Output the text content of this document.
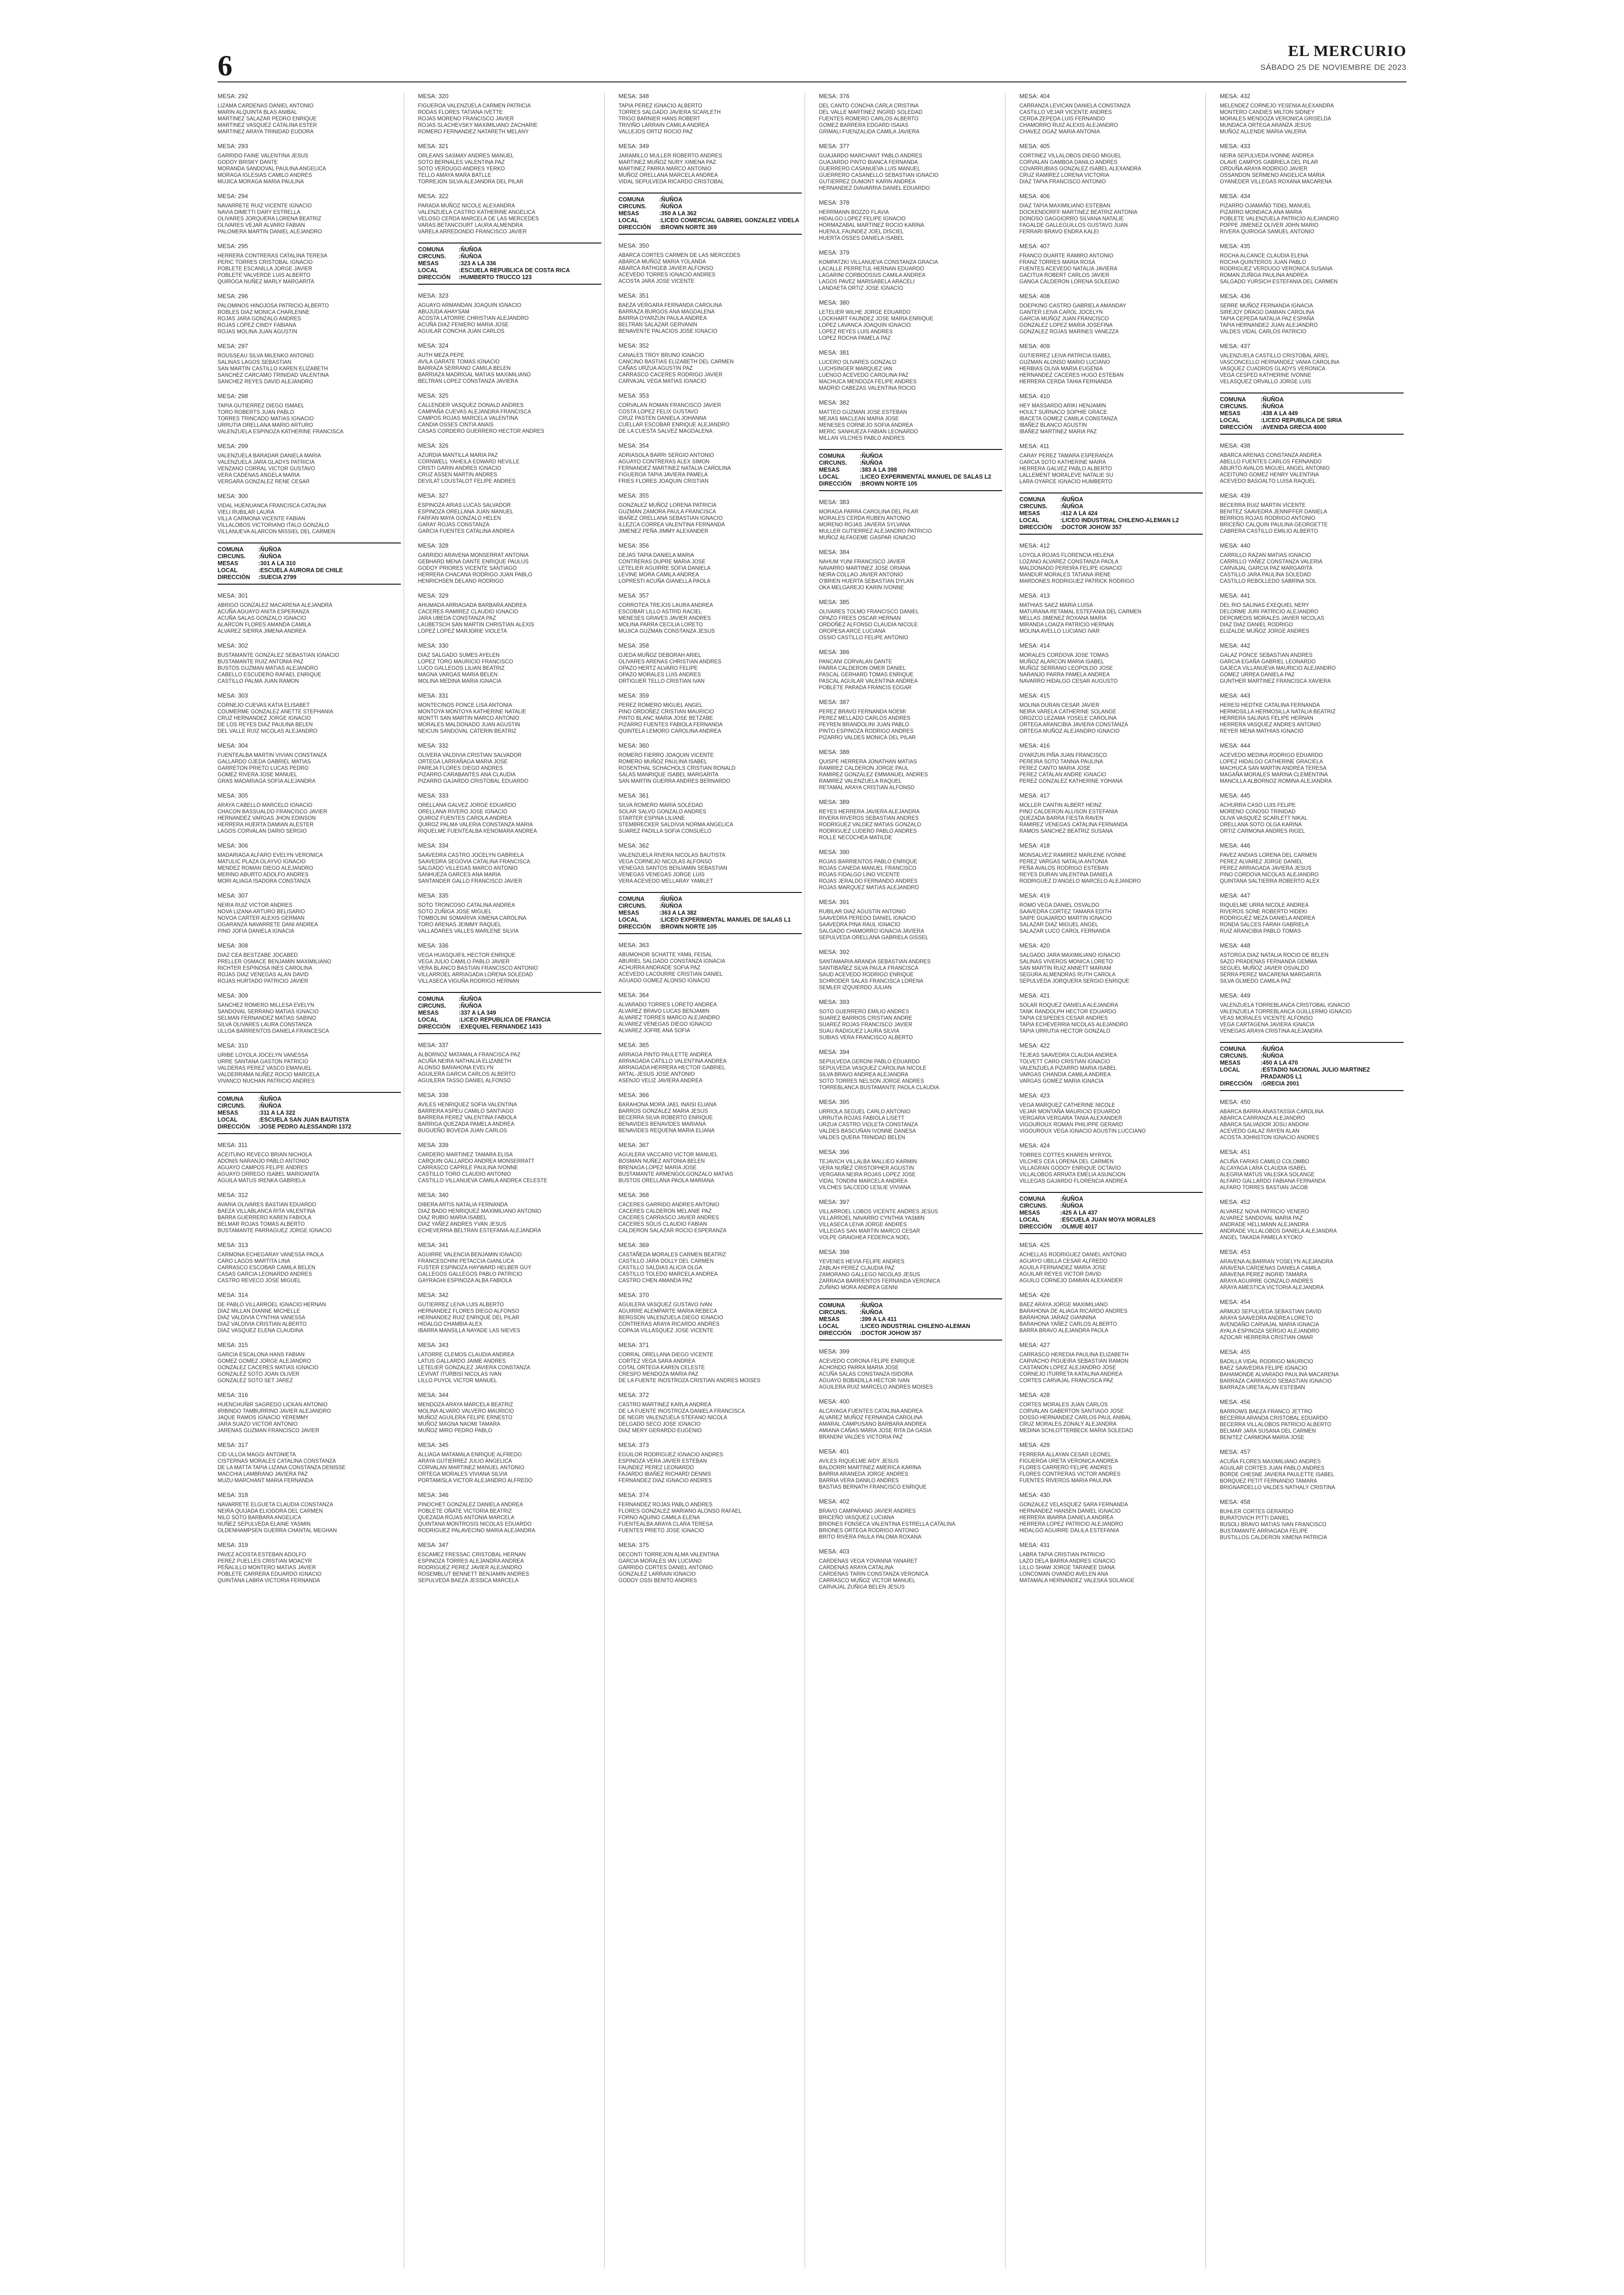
6	EL MERCURIO
SÁBADO 25 DE NOVIEMBRE DE 2023
MESA: 292
LIZAMA CARDENAS DANIEL ANTONIO
MARIN ALQUINTA BLAS ANIBAL
MARTINEZ SALAZAR PEDRO ENRIQUE
MARTINEZ VASQUEZ CATALINA ESTER
MARTINEZ ARAYA TRINIDAD EUDORA
MESA: 293
GARRIDO FAINE VALENTINA JESUS
GODOY BRISKY DANTE
MORANDA SANDOVAL PAULINA ANGELICA
MORAGA IGLESIAS CAMILO ANDRES
MUJICA MORAGA MARIA PAULINA
MESA: 294
NAVARRETE RUIZ VICENTE IGNACIO
NAVIA DIMETTI DARY ESTRELLA
OLIVARES JORQUERA LORENA BEATRIZ
OLIVARES VEJAR ALVARO FABIAN
PALOMERA MARTIN DANIEL ALEJANDRO
MESA: 295
HERRERA CONTRERAS CATALINA TERESA
PERIC TORRES CRISTOBAL IGNACIO
POBLETE ESCANILLA JORGE JAVIER
POBLETE VALVERDE LUIS ALBERTO
QUIROGA NUÑEZ MARLY MARGARITA
MESA: 296
PALOMINOS HINOJOSA PATRICIO ALBERTO
ROBLES DIAZ MONICA CHARLENNE
ROJAS JARA GONZALO ANDRES
ROJAS LOPEZ CINDY FABIANA
ROJAS MOLINA JUAN AGUSTIN
MESA: 297
ROUSSEAU SILVA MILENKO ANTONIO
SALINAS LAGOS SEBASTIAN
SAN MARTIN CASTILLO KAREN ELIZABETH
SANCHEZ CARCAMO TRINIDAD VALENTINA
SANCHEZ REYES DAVID ALEJANDRO
MESA: 298
TAPIA GUTIERREZ DIEGO ISMAEL
TORO ROBERTS JUAN PABLO
TORRES TRINCADO MATIAS IGNACIO
URRUTIA ORELLANA MARIO ARTURO
VALENZUELA ESPINOZA KATHERINE FRANCISCA
MESA: 299
VALENZUELA BARADAR DANIELA MARIA
VALENZUELA JARA GLADYS PATRICIA
VENZANO CORRAL VICTOR GUSTAVO
VERA CADENAS ANGELA MARIA
VERGARA GONZALEZ RENE CESAR
MESA: 300
VIDAL HUENUANCA FRANCISCA CATALINA
VIELI RUBILAR LAURA
VILLA CARMONA VICENTE FABIAN
VILLALOBOS VICTORIANO ITALO GONZALO
VILLANUEVA ALARCON MISSIEL DEL CARMEN
COMUNA	:ÑUÑOA
CIRCUNS.	:ÑUÑOA
MESAS	:301 A LA 310
LOCAL	:ESCUELA AURORA DE CHILE
DIRECCIÓN	:SUECIA 2799
MESA: 301
ABRIGO GONZALEZ MACARENA ALEJANDRA
ACUÑA AGUAYO ANITA ESPERANZA
ACUÑA SALAS GONZALO IGNACIO
ALARCON FLORES AMANDA CAMILA
ALVAREZ SIERRA JIMENA ANDREA
MESA: 302
BUSTAMANTE GONZALEZ SEBASTIAN IGNACIO
BUSTAMANTE RUIZ ANTONIA PAZ
BUSTOS GUZMAN MATIAS ALEJANDRO
CABELLO ESCUDERO RAFAEL ENRIQUE
CASTILLO PALMA JUAN RAMON
MESA: 303
CORNEJO CUEVAS KATIA ELISABET
COUMERME GONZALEZ ANETTE STEPHANIA
CRUZ HERNANDEZ JORGE IGNACIO
DE LOS REYES DIAZ PAULINA BELEN
DEL VALLE RUIZ NICOLAS ALEJANDRO
MESA: 304
FUENTEALBA MARTIN VIVIAN CONSTANZA
GALLARDO OJEDA GABRIEL MATIAS
GARRETON PRIETO LUCAS PEDRO
GOMEZ RIVERA JOSE MANUEL
GRAS MADARIAGA SOFIA ALEJANDRA
MESA: 305
ARAYA CABELLO MARCELO IGNACIO
CHACON BASSUALDO FRANCISCO JAVIER
HERNANDEZ VARGAS JHON EDINSON
HERRERA HUERTA DAMIAN ALESTER
LAGOS CORVALAN DARIO SERGIO
MESA: 306
MADARIAGA ALFARO EVELYN VERONICA
MATULIC PLAZA OLAYVO IGNACIO
MENDEZ ROMAN DIEGO ALEJANDRO
MERINO ABURTO ADOLFO ANDRES
MORI ALIAGA ISADORA CONSTANZA
MESA: 307
NEIRA RUIZ VICTOR ANDRES
NOVA LIZANA ARTURO BELISARIO
NOVOA CARTER ALEXIS GERMAN
OGARANZA NAVARRETE DANI ANDREA
PINO JOFIA DANIELA IGNACIA
MESA: 308
DIAZ CEA BESTZABE JOCABED
PRELLER OSMACE BENJAMIN MAXIMILIANO
RICHTER ESPINOSA INES CAROLINA
ROJAS DIAZ VENEGAS ALAN DAVID
ROJAS HURTADO PATRICIO JAVIER
MESA: 309
SANCHEZ ROMERO MILLESA EVELYN
SANDOVAL SERRANO MATIAS IGNACIO
SELMAN FERNANDEZ MATIAS SABINO
SILVA OLIVARES LAURA CONSTANZA
ULLOA BARRIENTOS DANIELA FRANCESCA
MESA: 310
URIBE LOYOLA JOCELYN VANESSA
URRE SANTANA GASTON PATRICIO
VALDERAS PEREZ VASCO EMANUEL
VALDERRAMA NUÑEZ ROCIO MARCELA
VIVANCO NUCHAN PATRICIO ANDRES
COMUNA	:ÑUÑOA
CIRCUNS.	:ÑUÑOA
MESAS	:311 A LA 322
LOCAL	:ESCUELA SAN JUAN BAUTISTA
DIRECCIÓN	:JOSE PEDRO ALESSANDRI 1372
MESA: 311
ACEITUNO REVECO BRIAN NICHOLA
ADONIS NARANJO PABLO ANTONIO
AGUAYO CAMPOS FELIPE ANDRES
AGUAYO ORREGO ISABEL MARIOANITA
AGUILA MATUS IRENKA GABRIELA
MESA: 312
AVARIA OLIVARES BASTIAN EDUARDO
BAEZA VILLABLANCA RITA VALENTINA
BARRA GUERRERO KAREN FABIOLA
BELMAR ROJAS TOMAS ALBERTO
BUSTAMANTE PARRAGUEZ JORGE IGNACIO
MESA: 313
CARMONA ECHEGARAY VANESSA PAOLA
CARO LAGOS MARTITA LINA
CARRASCO ESCOBAR CAMILA BELEN
CASAS GARCIA LEONARDO ANDRES
CASTRO REVECO JOSE MIGUEL
MESA: 314
DE PABLO VILLARROEL IGNACIO HERNAN
DIAZ MILLAN DIANNE MICHELLE
DIAZ VALDIVIA CYNTHIA VANESSA
DIAZ VALDIVIA CRISTIAN ALBERTO
DIAZ VASQUEZ ELENA CLAUDINA
MESA: 315
GARCIA ESCALONA HANS FABIAN
GOMEZ GOMEZ JORGE ALEJANDRO
GONZALEZ CACERES MATIAS IGNACIO
GONZALEZ SOTO JOAN OLIVER
GONZALEZ SOTO SET JAREZ
MESA: 316
HUENCHUÑIR SAGREDO LICKAN ANTONIO
IRIBINDO TAMBURRINO JAVIER ALEJANDRO
JAQUE RAMOS IGNACIO YEREMMY
JARA SUAZO VICTOR ANTONIO
JARENAS GUZMAN FRANCISCO JAVIER
MESA: 317
CID ULLOA MAGGI ANTONIETA
CISTERNAS MORALES CATALINA CONSTANZA
DE LA MATTA TAPIA LIZANA CONSTANZA DENISSE
MACCHIA LAMBRANO JAVIERA PAZ
MUZU MARCHANT MARIA FERNANDA
MESA: 318
NAVARRETE ELGUETA CLAUDIA CONSTANZA
NEIRA QUIJADA ELIODORA DEL CARMEN
NILO SOTO BARBARA ANGELICA
NUÑEZ SEPULVEDA ELAINE YASMIN
OLDENHAMPSEN GUERRA CHANTAL MEGHAN
MESA: 319
PAVEZ ACOSTA ESTEBAN ADOLFO
PEREZ PUELLES CRISTIAN MOACYR
PEÑALILLO MONTERO MATIAS JAVIER
POBLETE CARRERA EDUARDO IGNACIO
QUINTANA LABRA VICTORIA FERNANDA
MESA: 320
FIGUEROA VALENZUELA CARMEN PATRICIA
RODAS FLORES TATIANA IVETTE
ROJAS MORENO FRANCISCO JAVIER
ROJAS SLACHEVSKY MAXIMILIANO ZACHARIE
ROMERO FERNANDEZ NATARETH MELANY
MESA: 321
ORLEANS SASMAY ANDRES MANUEL
SOTO BERNALES VALENTINA PAZ
SOTO VERDUGO ANDRES YERKO
TELLO AMAYA MARA BATLLE
TORREJON SILVA ALEJANDRA DEL PILAR
MESA: 322
PARADA MUÑOZ NICOLE ALEXANDRA
VALENZUELA CASTRO KATHERINE ANGELICA
VELOSO CERDA MARCELA DE LAS MERCEDES
VARAS BETANCOURT LAURA ALMENDRA
VARELA ARREDONDO FRANCISCO JAVIER
COMUNA	:ÑUÑOA
CIRCUNS.	:ÑUÑOA
MESAS	:323 A LA 336
LOCAL	:ESCUELA REPUBLICA DE COSTA RICA
DIRECCIÓN	:HUMBERTO TRUCCO 123
MESA: 323
AGUAYO ARMANDAN JOAQUIN IGNACIO
ABUJUDA AHAYSAM
ACOSTA LATORRE CHRISTIAN ALEJANDRO
ACUÑA DIAZ FENIERO MARIA JOSE
AGUILAR CONCHA JUAN CARLOS
MESA: 324
AUTH MEZA PEPE
AVILA GARATE TOMAS IGNACIO
BARRAZA SERRANO CAMILA BELEN
BARRIAZA MADRIGAL MATIAS MAXIMILIANO
BELTRAN LOPEZ CONSTANZA JAVIERA
MESA: 325
CALLENDER VASQUEZ DONALD ANDRES
CAMPAÑA CUEVAS ALEJANDRA FRANCISCA
CAMPOS ROJAS MARCELA VALENTINA
CANDIA OSSES CINTIA ANAIS
CASAS CORDERO GUERRERO HECTOR ANDRES
MESA: 326
AZURDIA MANTILLA MARIA PAZ
CORNWELL YAHEILA EDWARD NEVILLE
CRISTI GARIN ANDRES IGNACIO
CRUZ ASSEN MARTIN ANDRES
DEVILAT LOUSTALOT FELIPE ANDRES
MESA: 327
ESPINOZA ARIAS LUCAS SALVADOR
ESPINOZA ORELLANA JUAN MANUEL
FARFAN MAYA GONZALO HELEN
GARAY ROJAS CONSTANZA
GARCIA FUENTES CATALINA ANDREA
MESA: 328
GARRIDO ARAVENA MONSERRAT ANTONIA
GEBHARD MENA DANTE ENRIQUE PAULUS
GODOY PRIORES VICENTE SANTIAGO
HERRERA CHACANA RODRIGO JUAN PABLO
HENRICHSEN DELANO RODRIGO
MESA: 329
AHUMADA ARRIAGADA BARBARA ANDREA
CACERES RAMIREZ CLAUDIO IGNACIO
JARA UBEDA CONSTANZA PAZ
LAUBETSCH SAN MARTIN CHRISTIAN ALEXIS
LOPEZ LOPEZ MARJORIE VIOLETA
MESA: 330
DIAZ SALGADO SUMES AYELEN
LOPEZ TORO MAURICIO FRANCISCO
LUCO GALLEGOS LILIAN BEATRIZ
MAGNA VARGAS MARIA BELEN
MOLINA MEDINA MARIA IGNACIA
MESA: 331
MONTECINOS PONCE LISA ANTONIA
MONTOYA MONTOYA KATHERINE NATALIE
MONTTI SAN MARTIN MARCO ANTONIO
MORALES MALDONADO JUAN AGUSTIN
NEICUN SANDOVAL CATERIN BEATRIZ
MESA: 332
OLIVERA VALDIVIA CRISTIAN SALVADOR
ORTEGA LARRAÑAGA MARIA JOSE
PAREJA FLORES DIEGO ANDRES
PIZARRO CARABANTES ANA CLAUDIA
PIZARRO GAJARDO CRISTOBAL EDUARDO
MESA: 333
ORELLANA GALVEZ JORGE EDUARDO
ORELLANA RIVERO JOSE IGNACIO
QUIROZ FUENTES CAROLA ANDREA
QUIROZ PALMA VALERIA CONSTANZA MARIA
RIQUELME FUENTEALBA KENOMARA ANDREA
MESA: 334
SAAVEDRA CASTRO JOCELYN GABRIELA
SAAVEDRA SEGOVIA CATALINA FRANCISCA
SALGADO VILLEGAS MARCO ANTONIO
SANHUEZA GARCES ANA MARIA
SANTANDER GALLO FRANCISCO JAVIER
MESA: 335
SOTO TRONCOSO CATALINA ANDREA
SOTO ZUÑIGA JOSE MIGUEL
TOMBOLINI SOMARIVA XIMENA CAROLINA
TORO ARENAS JEIMMY RAQUEL
VALLADARES VALLES MARLENE SILVIA
MESA: 336
VEGA HUASQUIFIL HECTOR ENRIQUE
VEGA JULIO CAMILO PABLO JAVIER
VERA BLANCO BASTIAN FRANCISCO ANTONIO
VILLARROEL ARRIAGADA LORENA SOLEDAD
VILLASECA VIGUÑA RODRIGO HERNAN
COMUNA	:ÑUÑOA
CIRCUNS.	:ÑUÑOA
MESAS	:337 A LA 349
LOCAL	:LICEO REPUBLICA DE FRANCIA
DIRECCIÓN	:EXEQUIEL FERNANDEZ 1433
MESA: 337
ALBORNOZ MATAMALA FRANCISCA PAZ
ACUÑA NEIRA NATHALIA ELIZABETH
ALONSO BARAHONA EVELYN
AGUILERA GARCIA CARLOS ALBERTO
AGUILERA TASSO DANIEL ALFONSO
MESA: 338
AVILES HENRIQUEZ SOFIA VALENTINA
BARRERA ASPEU CAMILO SANTIAGO
BARRERA PEREZ VALENTINA FABIOLA
BARRIGA QUEZADA PAMELA ANDREA
BUGUEÑO BOVEDA JUAN CARLOS
MESA: 339
CARDERO MARTINEZ TAMARA ELISA
CARQUIN GALLARDO ANDREA MONSERRATT
CARRASCO CAPRILE PAULINA IVONNE
CASTILLO TORO CLAUDIO ANTONIO
CASTILLO VILLANUEVA CAMILA ANDREA CELESTE
MESA: 340
DIBERA ARTIS NATALIA FERNANDA
DIAZ BADO HENRIQUEZ MAXIMILIANO ANTONIO
DIAZ RUBIO MARIA ISABEL
DIAZ YAÑEZ ANDRES YVAN JESUS
ECHEVERRIA BELTRAN ESTEFANIA ALEJANDRA
MESA: 341
AGUIRRE VALENCIA BENJAMIN IGNACIO
FRANCESCHINI PETACCIA GIANLUCA
FUSTER ESPINOZA HAYWARD HELBER GUY
GALLEGOS GALLEGOS PABLO PATRICIO
GAYRAGHI ESPINOZA ALBA FABIOLA
MESA: 342
GUTIERREZ LEIVA LUIS ALBERTO
HERNANDEZ FLORES DIEGO ALFONSO
HERNANDEZ RUIZ ENRIQUE DEL PILAR
HIDALGO CHAMBIA ALEX
IBARRA MANSILLA NAYADE LAS NIEVES
MESA: 343
LATORRE CLEMOS CLAUDIA ANDREA
LATUS GALLARDO JAIME ANDRES
LETELIER GONZALEZ JAVIERA CONSTANZA
LEVIVAT ITURBISI NICOLAS IVAN
LILLO PUYOL VICTOR MANUEL
MESA: 344
MENDOZA ARAYA MARCELA BEATRIZ
MOLINA ALVARO VALVERO MAURICIO
MUÑOZ AGUILERA FELIPE ERNESTO
MUÑOZ MAGNA NAOMI TAMARA
MUÑOZ MIRO PEDRO PABLO
MESA: 345
ALLIAGA MATAMALA ENRIQUE ALFREDO
ARAYA GUTIERREZ JULIO ANGELICA
CORVALAN MARTINEZ MANUEL ANTONIO
ORTEGA MORALES VIVIANA SILVIA
PORTAMISLA VICTOR ALEJANDRO ALFREDO
MESA: 346
PINOCHET GONZALEZ DANIELA ANDREA
POBLETE OÑATE VICTORIA BEATRIZ
QUEZADA ROJAS ANTONIA MARCELA
QUINTANA MONTROSIS NICOLAS EDUARDO
RODRIGUEZ PALAVECINO MARIA ALEJANDRA
MESA: 347
ESCAMEZ FRESSAC CRISTOBAL HERNAN
ESPINOZA TORRES ALEJANDRA ANDREA
RODRIGUEZ PEREZ JAVIER ALEJANDRO
ROSEMBLUT BENNETT BENJAMIN ANDRES
SEPULVEDA BAEZA JESSICA MARCELA
MESA: 348
TAPIA PEREZ IGNACIO ALBERTO
TORRES SALGADO JAVIERA SCARLETH
TRIGO BARNIER HANS ROBERT
TRIVIÑO LARRAIN CAMILA ANDREA
VALLEJOS ORTIZ ROCIO PAZ
MESA: 349
JARAMILLO MULLER ROBERTO ANDRES
MARTINEZ MUÑOZ NURY XIMENA PAZ
MARTINEZ PARRA MARCO ANTONIO
MUÑOZ ORELLANA MARCELA ANDREA
VIDAL SEPULVEDA RICARDO CRISTOBAL
COMUNA	:ÑUÑOA
CIRCUNS.	:ÑUÑOA
MESAS	:350 A LA 362
LOCAL	:LICEO COMERCIAL GABRIEL GONZALEZ VIDELA
DIRECCIÓN	:BROWN NORTE 369
MESA: 350
ABARCA CORTES CARMEN DE LAS MERCEDES
ABARCA MUÑOZ MARIA YOLANDA
ABARCA RATHGEB JAVIER ALFONSO
ACEVEDO TORRES IGNACIO ANDRES
ACOSTA JARA JOSE VICENTE
MESA: 351
BAEZA VERGARA FERNANDA CAROLINA
BARRAZA BURGOS ANA MAGDALENA
BARRIA OYARZUN PAULA ANDREA
BELTRAN SALAZAR GERVANIN
BENAVENTE PALACIOS JOSE IGNACIO
MESA: 352
CANALES TROY BRUNO IGNACIO
CANCINO BASTIAS ELIZABETH DEL CARMEN
CAÑAS URZUA AGUSTIN PAZ
CARRASCO CACERES RODRIGO JAVIER
CARVAJAL VEGA MATIAS IGNACIO
MESA: 353
CORVALAN ROMAN FRANCISCO JAVIER
COSTA LOPEZ FELIX GUSTAVO
CRUZ PASTEN DANIELA JOHANNA
CUELLAR ESCOBAR ENRIQUE ALEJANDRO
DE LA CUESTA SALVEZ MAGDALENA
MESA: 354
ADRIASOLA BARRI SERGIO ANTONIO
AGUAYO CONTRERAS ALEX SIMON
FERNANDEZ MARTINEZ NATALIA CAROLINA
FIGUEROA TAPIA JAVIERA PAMELA
FRIES FLORES JOAQUIN CRISTIAN
MESA: 355
GONZALEZ MUÑOZ LORENA PATRICIA
GUZMAN ZAMORA PAULA FRANCISCA
IBAÑEZ ORELLANA SEBASTIAN IGNACIO
ILLEZCA CORREA VALENTINA FERNANDA
JIMENEZ PEÑA JIMMY ALEXANDER
MESA: 356
DEJAS TAPIA DANIELA MARIA
CONTRERAS DUPRE MARIA JOSE
LETELIER AGUIRRE SOFIA DANIELA
LEVINE MORA CAMILA ANDREA
LOPRESTI ACUÑA GIANELLA PAOLA
MESA: 357
CORROTEA TREJOS LAURA ANDREA
ESCOBAR LILLO ASTRID RACIEL
MENESES GRAVES JAVIER ANDRES
MOLINA PARRA CECILIA LORETO
MUJICA GUZMAN CONSTANZA JESUS
MESA: 358
OJEDA MUÑOZ DEBORAH ARIEL
OLIVARES ARENAS CHRISTIAN ANDRES
OPAZO HERTZ ALVARO FELIPE
OPAZO MORALES LUIS ANDRES
ORTIGUER TELLO CRISTIAN IVAN
MESA: 359
PEREZ ROMERO MIGUEL ANGEL
PINO ORDOÑEZ CRISTIAN MAURICIO
PINTO BLANC MARIA JOSE BETZABE
PIZARRO FUENTES FABIOLA FERNANDA
QUINTELA LEMORO CAROLINA ANDREA
MESA: 360
ROMERO FIERRO JOAQUIN VICENTE
ROMERO MUÑOZ PAULINA ISABEL
ROSENTHAL SCHACHOLS CRISTIAN RONALD
SALAS MANRIQUE ISABEL MARGARITA
SAN MARTIN GUERRA ANDRES BERNARDO
MESA: 361
SILVA ROMERO MARIA SOLEDAD
SOLAR SALVO GONZALO ANDRES
STARTER ESPINA LILIANE
STEMBRECKER SALDIVIA NORMA ANGELICA
SUAREZ PADILLA SOFIA CONSUELO
MESA: 362
VALENZUELA RIVERA NICOLAS BAUTISTA
VEGA CORNEJO NICOLAS ALFONSO
VENEGAS SANTOS BENJAMIN SEBASTIAN
VENEGAS VENEGAS JORGE LUIS
VERA ACEVEDO MELLARAY YAMILET
COMUNA	:ÑUÑOA
CIRCUNS.	:ÑUÑOA
MESAS	:363 A LA 382
LOCAL	:LICEO EXPERIMENTAL MANUEL DE SALAS L1
DIRECCIÓN	:BROWN NORTE 105
MESA: 363
ABUMOHOR SCHATTE YAMIL FEISAL
ABURIEL SALGADO CONSTANZA IGNACIA
ACHURRA ANDRADE SOFIA PAZ
ACEVEDO LACOURRE CRISTIAN DANIEL
AGUADO GOMEZ ALONSO IGNACIO
MESA: 364
ALVARADO TORRES LORETO ANDREA
ALVAREZ BRAVO LUCAS BENJAMIN
ALVAREZ TORRES MARCO ALEJANDRO
ALVAREZ VENEGAS DIEGO IGNACIO
ALVAREZ JOFRE ANA SOFIA
MESA: 365
ARRIAGA PINTO PAULETTE ANDREA
ARRIAGADA CATILLO VALENTINA ANDREA
ARRIAGADA HERRERA HECTOR GABRIEL
ARTAL-JESUS JOSE ANTONIO
ASENJO VELIZ JAVIERA ANDREA
MESA: 366
BARAHONA MORA JAEL INAISI ELIANA
BARROS GONZALEZ MARIA JESUS
BECERRA SILVA ROBERTO ENRIQUE
BENAVIDES BENAVIDES MARIANA
BENAVIDES REQUENA MARIA ELIANA
MESA: 367
AGUILERA VACCARO VICTOR MANUEL
BOSMAN NUÑEZ ANTONIA BELEN
BRENAGA LOPEZ MARIA JOSE
BUSTAMANTE ARMENGOLGONZALO MATIAS
BUSTOS ORELLANA PAOLA MARIANA
MESA: 368
CACERES GARRIDO ANDRES ANTONIO
CACERES CALDERON MELANIE PAZ
CACERES CARRASCO JAVIER ANDRES
CACERES SOLIS CLAUDIO FABIAN
CALDERON SALAZAR ROCIO ESPERANZA
MESA: 369
CASTAÑEDA MORALES CARMEN BEATRIZ
CASTILLO JARA DOLLY DEL CARMEN
CASTILLO SALDIAS ALICIA OLGA
CASTILLO TOLEDO MARCELA ANDREA
CASTRO CHEN AMANDA PAZ
MESA: 370
AGUILERA VASQUEZ GUSTAVO IVAN
AGUIRRE ALEMPARTE MARIA REBECA
BERGSON VALENZUELA DIEGO IGNACIO
CONTRERAS ARAYA RICARDO ANDRES
COPAJA VILLASQUEZ JOSE VICENTE
MESA: 371
CORRAL ORELLANA DIEGO VICENTE
CORTEZ VEGA SARA ANDREA
COTAL ORTEGA KAREN CELESTE
CRESPO MENDOZA MARIA PAZ
DE LA FUENTE INOSTROZA CRISTIAN ANDRES MOISES
MESA: 372
CASTRO MARTINEZ KARLA ANDREA
DE LA FUENTE INOSTROZA DANIELA FRANCISCA
DE NEGRI VALENZUELA STEFANO NICOLA
DELGADO SECO JOSE IGNACIO
DIAZ MERY GERARDO EUGENIO
MESA: 373
EGUILOR RODRIGUEZ IGNACIO ANDRES
ESPINOZA VERA JAVIER ESTEBAN
FAUNDEZ PEREZ LEONARDO
FAJARDO IBAÑEZ RICHARD DENNIS
FERNANDEZ DIAZ IGNACIO ANDRES
MESA: 374
FERNANDEZ ROJAS PABLO ANDRES
FLORES GONZALEZ MARIANO ALONSO RAFAEL
FORNO AQUINO CAMILA ELENA
FUENTEALBA ARAYA CLARA TERESA
FUENTES PRIETO JOSE IGNACIO
MESA: 375
DECONTI TORREJON ALMA VALENTINA
GARCIA MORALES IAN LUCIANO
GARRIDO CORTES DANIEL ANTONIO
GONZALEZ LARRAIN IGNACIO
GODOY OSSI BENITO ANDRES
MESA: 376
DEL CANTO CONCHA CARLA CRISTINA
DEL VALLE MARTINEZ INGRID SOLEDAD
FUENTES ROMERO CARLOS ALBERTO
GOMEZ BARRERA EDGARD ISAIAS
GRIMALI FUENZALIDA CAMILA JAVIERA
MESA: 377
GUAJARDO MARCHANT PABLO ANDRES
GUAJARDO PINTO BIANCA FERNANDA
GUERRERO CASANUEVA LUIS MANUEL
GUERRERO CASANELLO SEBASTIAN IGNACIO
GUTIERREZ DUMONT KARIN ANDREA
HERNANDEZ DIAVARRIA DANIEL EDUARDO
MESA: 378
HERRMANN BOZZO FLAVIA
HIDALGO LOPEZ FELIPE IGNACIO
HORMAZABAL MARTINEZ ROCIO KARINA
HUENUL FAUNDEZ JOEL DISCIEL
HUERTA OSSES DANIELA ISABEL
MESA: 379
KOMPATZKI VILLANUEVA CONSTANZA GRACIA
LACALLE PERRETUL HERNAN EDUARDO
LAGARINI CORBOOSSIS CAMILA ANDREA
LAGOS PAVEZ MARISABELA ARACELI
LANDAETA ORTIZ JOSE IGNACIO
MESA: 380
LETELIER WILHE JORGE EDUARDO
LOCKHART FAUNDEZ JOSE MARIA ENRIQUE
LOPEZ LAVANCA JOAQUIN IGNACIO
LOPEZ REYES LUIS ANDRES
LOPEZ ROCHA PAMELA PAZ
MESA: 381
LUCERO OLIVARES GONZALO
LUCHSINGER MARQUEZ IAN
LUENGO ACEVEDO CAROLINA PAZ
MACHUCA MENDOZA FELIPE ANDRES
MADRID CABEZAS VALENTINA ROCIO
MESA: 382
MATTEO GUZMAN JOSE ESTEBAN
MEJIAS MACLEAN MARIA JOSE
MENESES CORNEJO SOFIA ANDREA
MERIC SANHUEZA FABIAN LEONARDO
MILLAN VILCHES PABLO ANDRES
COMUNA	:ÑUÑOA
CIRCUNS.	:ÑUÑOA
MESAS	:383 A LA 398
LOCAL	:LICEO EXPERIMENTAL MANUEL DE SALAS L2
DIRECCIÓN	:BROWN NORTE 105
MESA: 383
MORAGA PARRA CAROLINA DEL PILAR
MORALES CERDA RUBEN ANTONIO
MORENO ROJAS JAVIERA SYLVANA
MULLER GUTIERREZ ALEJANDRO PATRICIO
MUÑOZ ALFAGEME GASPAR IGNACIO
MESA: 384
NAHUM YUNI FRANCISCO JAVIER
NAVARRO MARTINEZ JOSE ORIANA
NEIRA COLLAO JAVIER ANTONIO
O'BRIEN HUERTA SEBASTIAN DYLAN
OKA MELGAREJO KARIN IVONNE
MESA: 385
OLIVARES TOLMO FRANCISCO DANIEL
OPAZO FREES OSCAR HERNAN
ORDOÑEZ ALFONSO CLAUDIA NICOLE
OROPESA ARCE LUCIANA
OSSIO CASTILLO FELIPE ANTONIO
MESA: 386
PANCANI CORVALAN DANTE
PARRA CALDERON OMER DANIEL
PASCAL GERHARD TOMAS ENRIQUE
PASCAL AGUILAR VALENTINA ANDREA
POBLETE PARADA FRANCIS EDGAR
MESA: 387
PEREZ BRAVO FERNANDA NOEMI
PEREZ MELLADO CARLOS ANDRES
PEYREN BRANDOLINI JUAN PABLO
PINTO ESPINOZA RODRIGO ANDRES
PIZARRO VALDES MONICA DEL PILAR
MESA: 388
QUISPE HERRERA JONATHAN MATIAS
RAMIREZ CALDERON JORGE PAUL
RAMIREZ GONZALEZ EMMANUEL ANDRES
RAMIREZ VALENZUELA RAQUEL
RETAMAL ARAYA CRISTIAN ALFONSO
MESA: 389
REYES HERRERA JAVIERA ALEJANDRA
RIVERA RIVEROS SEBASTIAN ANDRES
RODRIGUEZ VALDEZ MATIAS GONZALO
RODRIGUEZ LUDERO PABLO ANDRES
ROLLE NECOCHEA MATILDE
MESA: 390
ROJAS BARRIENTOS PABLO ENRIQUE
ROJAS CANEDA MANUEL FRANCISCO
ROJAS FIDALGO LINO VICENTE
ROJAS JERALDO FERNANDO ANDRES
ROJAS MARQUEZ MATIAS ALEJANDRO
MESA: 391
RUBILAR DIAZ AGUSTIN ANTONIO
SAAVEDRA PEREDO DANIEL IGNACIO
SAAVEDRA PINA RAUL IGNACIO
SALGADO CHAMORRO IGNACIA JAVIERA
SEPULVEDA ORELLANA GABRIELA GISSEL
MESA: 392
SANTAMARIA ARANDA SEBASTIAN ANDRES
SANTIBAÑEZ SILVA PAULA FRANCISCA
SAUD ACEVEDO RODRIGO ENRIQUE
SCHRODER SALAS FRANCISCA LORENA
SEMLER IZQUIERDO JULIAN
MESA: 393
SOTO GUERRERO EMILIO ANDRES
SUAREZ BARRIOS CRISTIAN ANDRE
SUAREZ ROJAS FRANCISCO JAVIER
SUAU RADIGUEZ LAURA SILVIA
SUBIAS VERA FRANCISCO ALBERTO
MESA: 394
SEPULVEDA GERONI PABLO EDUARDO
SEPULVEDA VASQUEZ CAROLINA NICOLE
SILVA BRAVO ANDREA ALEJANDRA
SOTO TORRES NELSON JORGE ANDRES
TORREBLANCA BUSTAMANTE PAOLA CLAUDIA
MESA: 395
URRIOLA SEGUEL CARLO ANTONIO
URRUTIA ROJAS FABIOLA LISETT
URZUA CASTRO VIOLETA CONSTANZA
VALDES BASCUÑAN IVONNE DANESA
VALDES QUERA TRINIDAD BELEN
MESA: 396
TEJAVICH VILLALBA MALLIEO KARMIN
VERA NUÑEZ CRISTOPHER AGUSTIN
VERGARA NEIRA ROJAS LOPEZ JOSE
VIDAL TONDINI MARCELA ANDREA
VILCHES SALCEDO LESLIE VIVIANA
MESA: 397
VILLARROEL LOBOS VICENTE ANDRES JESUS
VILLARROEL NAVARRO CYNTHIA YASMIN
VILLASECA LEIVA JORGE ANDRES
VILLEGAS SAN MARTIN MARCO CESAR
VOLPE GRAIGHEA FEDERICA NOEL
MESA: 398
YEVENES HEVIA FELIPE ANDRES
ZABLAH PEREZ CLAUDIA PAZ
ZAMORANO GALLEGO NICOLAS JESUS
ZARRAGA BARRIENTOS FERNANDA VERONICA
ZUÑINO MORA ANDREA GENNI
COMUNA	:ÑUÑOA
CIRCUNS.	:ÑUÑOA
MESAS	:399 A LA 411
LOCAL	:LICEO INDUSTRIAL CHILENO-ALEMAN
DIRECCIÓN	:DOCTOR JOHOW 357
MESA: 399
ACEVEDO CORONA FELIPE ENRIQUE
ACHONDO PARRA MARIA JOSE
ACUÑA SALAS CONSTANZA ISIDORA
AGUAYO BOBADILLA HECTOR IVAN
AGUILERA RUIZ MARCELO ANDRES MOISES
MESA: 400
ALCAYAGA FUENTES CATALINA ANDREA
ALVAREZ MUÑOZ FERNANDA CAROLINA
AMARAL CAMPUSANO BARBARA ANDREA
AMIANA CAÑAS MARIA JOSE RITA DA GASIA
BRANDNI VALDES VICTORIA PAZ
MESA: 401
AVILES RIQUELME AIDY JESUS
BALDORRI MARTINEZ AMERICA KARINA
BARRIA ARANEDA JORGE ANDRES
BARRIA VERA DANILO ANDRES
BASTIAS BERNATH FRANCISCO ENRIQUE
MESA: 402
BRAVO CAMPARANO JAVIER ANDRES
BRICEÑO VASQUEZ LUCIANA
BRIONES FONSECA VALENTINA ESTRELLA CATALINA
BRIONES ORTEGA RODRIGO ANTONIO
BRITO RIVERA PAULA PALOMA ROXANA
MESA: 403
CARDENAS VEGA YOVANNA YANARET
CARDENAS ARAYA CATALINA
CARDENAS TARIN CONSTANZA VERONICA
CARRASCO MUÑOZ VICTOR MANUEL
CARVAJAL ZUÑIGA BELEN JESUS
MESA: 404
CARRANZA LEVICAN DANIELA CONSTANZA
CASTILLO VEJAR VICENTE ANDRES
CERDA ZEPEDA LUIS FERNANDO
CHAMORRO RUIZ ALEXIS ALEJANDRO
CHAVEZ OGAZ MARIA ANTONIA
MESA: 405
CORTINEZ VILLALOBOS DIEGO MIGUEL
CORVALAN GAMBOA DANILO ANDRES
COVARRUBIAS GONZALEZ ISABEL ALEXANDRA
CRUZ RAMIREZ LORENA VICTORIA
DIAZ TAPIA FRANCISCO ANTONIO
MESA: 406
DIAZ TAPIA MAXIMILIANO ESTEBAN
DOCKENDORFF MARTINEZ BEATRIZ ANTONIA
DONOSO GAGGIORRO SILVANA NATALIE
FAGALDE GALLEGUILLOS GUSTAVO JUAN
FERRARI BRAVO ENDRA KALEI
MESA: 407
FRANCO DUARTE RAMIRO ANTONIO
FRANZ TORRES MARIA ROSA
FUENTES ACEVEDO NATALIA JAVIERA
GACITUA ROBERT CARLOS JAVIER
GANGA CALDERON LORENA SOLEDAD
MESA: 408
DOEPKING CASTRO GABRIELA AMANDAY
GANTER LEIVA CAROL JOCELYN
GARCIA MUÑOZ JUAN FRANCISCO
GONZALEZ LOPEZ MARIA JOSEFINA
GONZALEZ ROJAS MARINES VANEZZA
MESA: 409
GUTIERREZ LEIVA PATRICIA ISABEL
GUZMAN ALONSO MARIO LUCIANO
HERBIAS OLIVA MARIA EUGENIA
HERNANDEZ CACERES HUGO ESTEBAN
HERRERA CERDA TAHIA FERNANDA
MESA: 410
HEY MASSARDO ARIKI HENJAMIN
HOULT SURNACO SOPHIE GRACE
IBACETA GOMEZ CAMILA CONSTANZA
IBAÑEZ BLANCO AGUSTIN
IBAÑEZ MARTINEZ MARIA PAZ
MESA: 411
CARAY PEREZ TAMARA ESPERANZA
GARCIA SOTO KATHERINE MAIRA
HERRERA GALVEZ PABLO ALBERTO
LALLEMENT MORALEVE NATALIE SU
LARA OYARCE IGNACIO HUMBERTO
COMUNA	:ÑUÑOA
CIRCUNS.	:ÑUÑOA
MESAS	:412 A LA 424
LOCAL	:LICEO INDUSTRIAL CHILENO-ALEMAN L2
DIRECCIÓN	:DOCTOR JOHOW 357
MESA: 412
LOYOLA ROJAS FLORENCIA HELENA
LOZANO ALVAREZ CONSTANZA PAOLA
MALDONADO PEREIRA FELIPE IGNACIO
MANDUR MORALES TATIANA IRENE
MARDONES RODRIGUEZ PATRICK RODRIGO
MESA: 413
MATHIAS SAEZ MARIA LUISA
MATURANA RETAMAL ESTEFANIA DEL CARMEN
MELLAS JIMENEZ ROXANA MARIA
MIRANDA LOAIZA PATRICIO HERNAN
MOLINA AVELLO LUCIANO IVAR
MESA: 414
MORALES CORDOVA JOSE TOMAS
MUÑOZ ALARCON MARIA ISABEL
MUÑOZ SERRANO LEOPOLDO JOSE
NARANJO PARRA PAMELA ANDREA
NAVARRO HIDALGO CESAR AUGUSTO
MESA: 415
MOLINA DURAN CESAR JAVIER
NEIRA VARELA CATHERINE SOLANGE
OROZCO LEZAMA YOSELE CAROLINA
ORTEGA ARANCIBIA JAVIERA CONSTANZA
ORTEGA MUÑOZ ALEJANDRO IGNACIO
MESA: 416
OYARZUN PIÑA JUAN FRANCISCO
PEREIRA SOTO TANNIA PAULINA
PEREZ CANTO MARIA JOSE
PEREZ CATALAN ANDRE IGNACIO
PEREZ GONZALEZ KATHERINE YOHANA
MESA: 417
MOLLER CANTIN ALBERT HEINZ
PINO CALDERON ALLISON ESTEFANIA
QUEZADA BARRA FIESTA RAVEN
RAMIREZ VENEGAS CATALINA FERNANDA
RAMOS SANCHEZ BEATRIZ SUSANA
MESA: 418
MONSALVEZ RAMIREZ MARLENE IVONNE
PEREZ VARGAS NATALIA ANTONIA
PEÑA AVALOS RODRIGO ESTEBAN
REYES DURAN VALENTINA DANIELA
RODRIGUEZ D'ANGELO MARCELO ALEJANDRO
MESA: 419
ROMO VEGA DANIEL OSVALDO
SAAVEDRA CORTEZ TAMARA EDITH
SAIPE GUAJARDO MARTIN IGNACIO
SALAZAR DIAZ MIGUEL ANGEL
SALAZAR LUCO CAROL FERNANDA
MESA: 420
SALGADO JARA MAXIMILIANO IGNACIO
SALINAS VIVEROS MONICA LORETO
SAN MARTIN RUIZ ANNETT MARIAM
SEGURA ALMENDRAS RUTH CAROLA
SEPULVEDA JORQUERA SERGIO ENRIQUE
MESA: 421
SOLAR ROQUEZ DANIELA ALEJANDRA
TANK RANDOLPH HECTOR EDUARDO
TAPIA CESPEDES CESAR ANDRES
TAPIA ECHEVERRIA NICOLAS ALEJANDRO
TAPIA URRUTIA HECTOR GONZALO
MESA: 422
TEJEAS SAAVEDRA CLAUDIA ANDREA
TOLVETT CARO CRISTIAN IGNACIO
VALENZUELA PIZARRO MARIA ISABEL
VARGAS CHANDIA CAMILA ANDREA
VARGAS GOMEZ MARIA IGNACIA
MESA: 423
VEGA MARQUEZ CATHERINE NICOLE
VEJAR MONTAÑA MAURICIO EDUARDO
VERGARA VERGARA TANIA ALEXANDER
VIGOUROUX ROMAN PHILIPPE GERARD
VIGOUROUX VEGA IGNACIO AGUSTIN LUCCIANO
MESA: 424
TORRES COTTES KHAREN MYRYOL
VILCHES CEA LORENA DEL CARMEN
VILLAGRAN GODOY ENRIQUE OCTAVIO
VILLALOBOS ARRIATA EMELIA ASUNCION
VILLEGAS GAJARDO FLORENCIA ANDREA
COMUNA	:ÑUÑOA
CIRCUNS.	:ÑUÑOA
MESAS	:425 A LA 437
LOCAL	:ESCUELA JUAN MOYA MORALES
DIRECCIÓN	:OLMUE 4017
MESA: 425
ACHELLAS RODRIGUEZ DANIEL ANTONIO
AGUAYO UBILLA CESAR ALFREDO
AGUILA FERNANDEZ MARIA JOSE
AGUILAR REYES VICTOR DAVID
AGUILO CORNEJO DAMIAN ALEXANDER
MESA: 426
BAEZ ARAYA JORGE MAXIMILIANO
BARAHONA DE ALIAGA RICARDO ANDRES
BARAHONA JARAIZ GIANNINA
BARAHONA YAÑEZ CARLOS ALBERTO
BARRA BRAVO ALEJANDRA PAOLA
MESA: 427
CARRASCO HEREDIA PAULINA ELIZABETH
CARVACHO PIGUEIRA SEBASTIAN RAMON
CASTANON LOPEZ ALEJANDRO JOSE
CORNEJO ITURRETA KATALINA ANDREA
CORTES CARVAJAL FRANCISCA PAZ
MESA: 428
CORTES MORALES JUAN CARLOS
CORVALAN GABERTON SANTIAGO JOSE
DOSSO HERNANDEZ CARLOS PAUL ANIBAL
CRUZ MORALES ZONALY ALEJANDRA
MEDINA SCHLOTTERBECK MARIA SOLEDAD
MESA: 429
FERRERA ALLAYAN CESAR LEONEL
FIGUEROA URETA VERONICA ANDREA
FLORES CARRERO FELIPE ANDRES
FLORES CONTRERAS VICTOR ANDRES
FUENTES RIVEROS MARIA PAULINA
MESA: 430
GONZALEZ VELASQUEZ SARA FERNANDA
HERNANDEZ HANSEN DANIEL IGNACIO
HERRERA IBARRA DANIELA ANDREA
HERRERA LOPEZ PATRICIO ALEJANDRO
HIDALGO AGUIRRE DALILA ESTEFANIA
MESA: 431
LABRA TAPIA CRISTIAN PATRICIO
LAZO DELA BARRA ANDRES IGNACIO
LILLO SHAW JORGE TARANEE DIANA
LONCOMAN OVANDO AVELEN ANA
MATAMALA HERNANDEZ VALESKA SOLANGE
MESA: 432
MELENDEZ CORNEJO YESENIA ALEXANDRA
MONTERO CANDIES MILTON SIDNEY
MORALES MENDOZA VERONICA GRISELDA
MUNDACA ORTEGA ARANZA JESUS
MUÑOZ ALLENDE MARIA VALERIA
MESA: 433
NEIRA SEPULVEDA IVONNE ANDREA
OLAVE CAMPOS GABRIELA DEL PILAR
ORDUÑA ARAYA RODRIGO JAVIER
OSSANDON SERMENO ANGELICA MARIA
OYANEDER VILLEGAS ROXANA MACARENA
MESA: 434
PIZARRO OJAMAÑO TIDEL MANUEL
PIZARRO MONDACA ANA MARIA
POBLETE VALENZUELA PATRICIO ALEJANDRO
POPPE JIMENEZ OLIVER JOHN MARIO
RIVERA QUIROGA SAMUEL ANTONIO
MESA: 435
ROCHA ALCANCE CLAUDIA ELENA
ROCHA QUINTEROS JUAN PABLO
RODRIGUEZ VERDUGO VERONICA SUSANA
ROMAN ZUÑIGA PAULINA ANDREA
SALGADO YURSICH ESTEFANIA DEL CARMEN
MESA: 436
SERRE MUÑOZ FERNANDA IGNACIA
SIREJOY DRAGO DAMIAN CAROLINA
TAPIA CEPEDA NATALIA PAZ ESPAÑA
TAPIA HERNANDEZ JUAN ALEJANDRO
VALDES VIDAL CARLOS PATRICIO
MESA: 437
VALENZUELA CASTILLO CRISTOBAL ARIEL
VASCONCELLO HERNANDEZ VANIA CAROLINA
VASQUEZ CUADROS GLADYS VERONICA
VEGA CESPED KATHERINE IVONNE
VELASQUEZ ORVALLO JORGE LUIS
COMUNA	:ÑUÑOA
CIRCUNS.	:ÑUÑOA
MESAS	:438 A LA 449
LOCAL	:LICEO REPUBLICA DE SIRIA
DIRECCIÓN	:AVENIDA GRECIA 4000
MESA: 438
ABARCA ARENAS CONSTANZA ANDREA
ABELLO FUENTES CARLOS FERNANDO
ABURTO AVALOS MIGUEL ANGEL ANTONIO
ACEITUNO GOMEZ HENRY VALENTINA
ACEVEDO BASOALTO LUISA RAQUEL
MESA: 439
BECERRA RUIZ MARTIN VICENTE
BENITEZ SAAVEDRA JENNIFFER DANIELA
BERRIOS ROJAS RODRIGO ANTONIO
BRICEÑO CALQUIN PAULINA GEORGETTE
CABRERA CASTILLO EMILIO ALBERTO
MESA: 440
CARRILLO RAZAN MATIAS IGNACIO
CARRILLO YAÑEZ CONSTANZA VALERIA
CARVAJAL GARCIA PAZ MARGARITA
CASTILLO JARA PAULINA SOLEDAD
CASTILLO REBOLLEDO SABRINA SOL
MESA: 441
DEL RIO SALINAS EXEQUIEL NERY
DELORME JURI PATRICIO ALEJANDRO
DEROMEDIS MORALES JAVIER NICOLAS
DIAZ DIAZ DANIEL RODRIGO
ELIZALDE MUÑOZ JORGE ANDRES
MESA: 442
GALAZ PONCE SEBASTIAN ANDRES
GARCIA EGAÑA GABRIEL LEONARDO
GAJECA VILLANUEVA MAURICIO ALEJANDRO
GOMEZ URREA DANIELA PAZ
GUNTHER MARTINEZ FRANCISCA XAVIERA
MESA: 443
HERESI HEDTKE CATALINA FERNANDA
HERMOSILLA HERMOSILLA NATALIA BEATRIZ
HERRERA SALINAS FELIPE HERNAN
HERRERA VASQUEZ ANDRES ANTONIO
REYER MENA MATHIAS IGNACIO
MESA: 444
ACEVEDO MEDINA RODRIGO EDUARDO
LOPEZ HIDALGO CATHERINE GRACIELA
MACHUCA SAN MARTIN ANDREA TERESA
MAGAÑA MORALES MARINA CLEMENTINA
MANCILLA ALBORNOZ ROMINA ALEJANDRA
MESA: 445
ACHURRA CASO LUIS FELIPE
MORENO CONOSO TRINIDAD
OLIVA VASQUEZ SCARLETT NIKAL
ORELLANA SOTO OLGA KARINA
ORTIZ CARMONA ANDRES RIGEL
MESA: 446
PAVEZ ANDIAS LORENA DEL CARMEN
PEREZ ALVAREZ JORGE DANIEL
PEREZ ARRIAGADA JAVIERA JESUS
PINO CORDOVA NICOLAS ALEJANDRO
QUINTANA SALTIERRA ROBERTO ALEX
MESA: 447
RIQUELME URRA NICOLE ANDREA
RIVEROS SONE ROBERTO HIDEKI
RODRIGUEZ MEZA DANIELA ANDREA
RONDA SALCES FARAH GABRIELA
RUIZ ARANCIBIA PABLO TOMAS
MESA: 448
ASTORGA DIAZ NATALIA ROCIO DE BELEN
SAZO PRADENAS FERNANDA GEMMA
SEGUEL MUÑOZ JAVIER OSVALDO
SERRA PEREZ MACARENA MARGARITA
SILVA OLMEDO CAMILA PAZ
MESA: 449
VALENZUELA TORREBLANCA CRISTOBAL IGNACIO
VALENZUELA TORREBLANCA GUILLERMO IGNACIO
VEAS MORALES VICENTE ALFONSO
VEGA CARTAGENA JAVIERA IGNACIA
VENEGAS ARAYA CRISTINA ALEJANDRA
COMUNA	:ÑUÑOA
CIRCUNS.	:ÑUÑOA
MESAS	:450 A LA 470
LOCAL	:ESTADIO NACIONAL JULIO MARTINEZ PRADANOS L1
DIRECCIÓN	:GRECIA 2001
MESA: 450
ABARCA BARRA ANASTASSIA CAROLINA
ABARCA CARRANZA ALEJANDRO
ABARCA SALVADOR JOSU ANDONI
ACEVEDO GALAZ RAYEN ALAN
ACOSTA JOHNSTON IGNACIO ANDRES
MESA: 451
ACUÑA FARIAS CAMILO COLOMBO
ALCAYAGA LARA CLAUDIA ISABEL
ALEGRIA MATUS VALESKA SOLANGE
ALFARO GALLARDO FABIANA FERNANDA
ALFARO TORRES BASTIAN JACOB
MESA: 452
ALVAREZ NOVA PATRICIO VENERO
ALVAREZ SANDOVAL MARIA PAZ
ANDRADE HELLMANN ALEJANDRA
ANDRADE VILLALOBOS DANIELA ALEJANDRA
ANGEL TAKADA PAMELA KYOKO
MESA: 453
ARAVENA ALBARRAN YOSELYN ALEJANDRA
ARAVENA CARDENAS DANIELA CAMILA
ARAVENA PEREZ INGRID TAMARA
ARAYA AGUIRRE GONZALO ANDRES
ARAYA AMESTICA VICTORIA ALEJANDRA
MESA: 454
ARMIJO SEPULVEDA SEBASTIAN DAVID
ARAYA SAAVEDRA ANDREA LORETO
AVENDAÑO CARVAJAL MARIA IGNACIA
AYALA ESPINOZA SERGIO ALEJANDRO
AZOCAR HERRERA CRISTIAN OMAR
MESA: 455
BADILLA VIDAL RODRIGO MAURICIO
BAEZ SAAVEDRA FELIPE IGNACIO
BAHAMONDE ALVARADO PAULINA MACARENA
BARRAZA CARRASCO SEBASTIAN IGNACIO
BARRAZA URETA ALAN ESTEBAN
MESA: 456
BARROWS BAEZA FRANCO JETTRO
BECERRA ARANDA CRISTOBAL EDUARDO
BECERRA VILLALOBOS PATRICIO ALBERTO
BELMAR JARA SUSANA DEL CARMEN
BENITEZ CARMONA MARIA JOSE
MESA: 457
ACUÑA FLORES MAXIMILIANO ANDRES
AGUILAR CORTES JUAN PABLO ANDRES
BORDE CHESNE JAVIERA PAULETTE ISABEL
BORQUEZ PETIT FERNANDO TAMARA
BRIGNARDELLO VALDES NATHALY CRISTINA
MESA: 458
BUHLER CORTES GERARDO
BURATOVICH PITTI DANIEL
BUSOLI BRAVO MATIAS IVAN FRANCISCO
BUSTAMANTE ARRIAGADA FELIPE
BUSTILLOS CALDERON XIMENA PATRICIA
